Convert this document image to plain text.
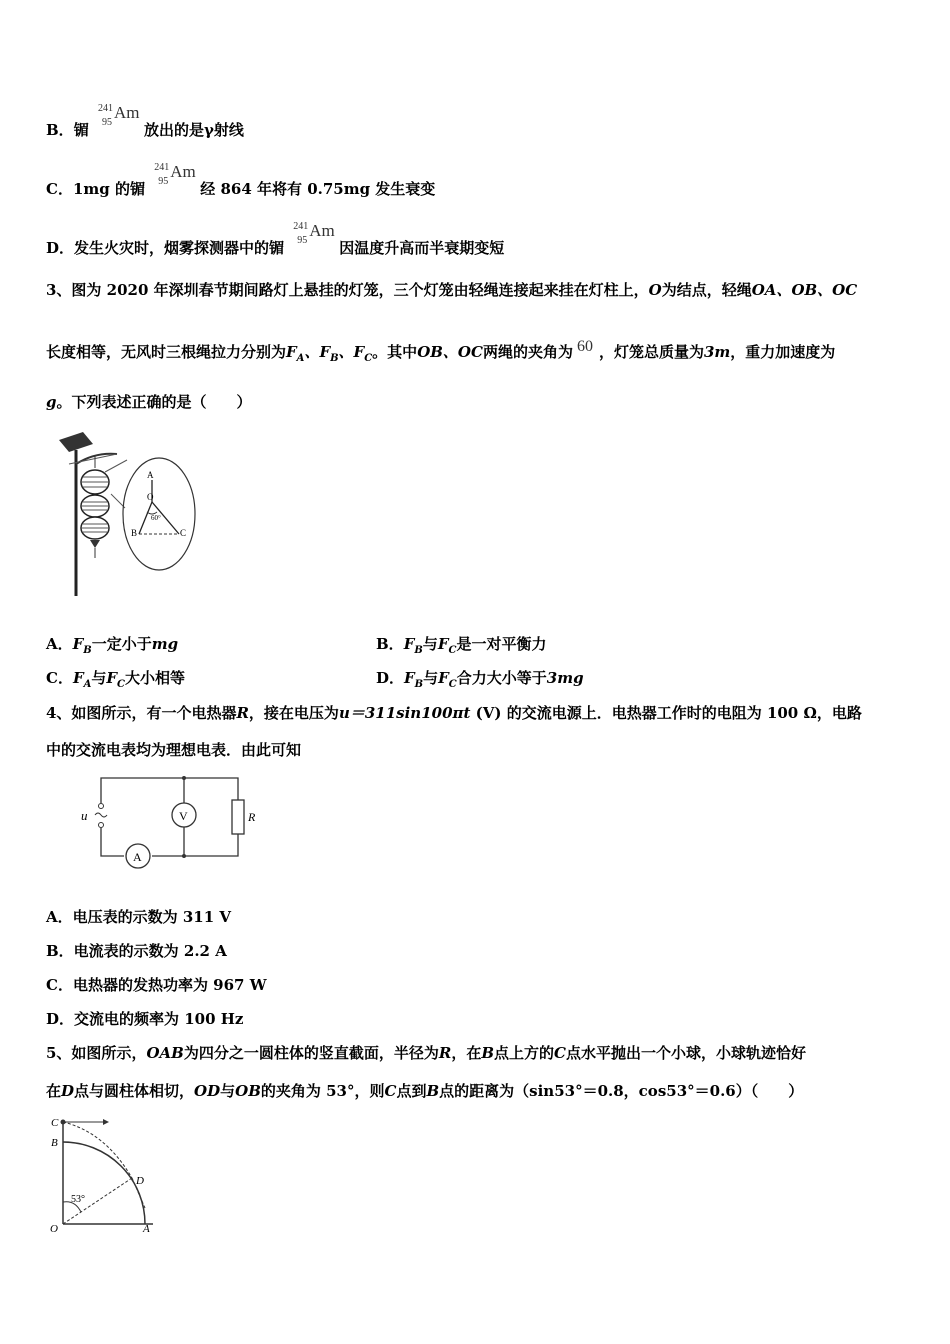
B．镅
241
95
Am
放出的是γ射线
C．1mg 的镅
241
95
Am
经 864 年将有 0.75mg 发生衰变
D．发生火灾时，烟雾探测器中的镅
241
95
Am
因温度升高而半衰期变短
3、图为 2020 年深圳春节期间路灯上悬挂的灯笼，三个灯笼由轻绳连接起来挂在灯柱上，O为结点，轻绳OA、OB、OC
长度相等，无风时三根绳拉力分别为$F_A$、$F_B$、$F_C$。其中OB、OC两绳的夹角为 60 ，灯笼总质量为3m，重力加速度为
g。下列表述正确的是（　　）
A
O
B	C
60°
A．$F_B$一定小于mg	B．$F_B$与$F_C$是一对平衡力
C．$F_A$与$F_C$大小相等	D．$F_B$与$F_C$合力大小等于3mg
4、如图所示，有一个电热器R，接在电压为u＝311sin100πt (V) 的交流电源上．电热器工作时的电阻为 100 Ω，电路
中的交流电表均为理想电表．由此可知
u	V
A
R
A．电压表的示数为 311 V
B．电流表的示数为 2.2 A
C．电热器的发热功率为 967 W
D．交流电的频率为 100 Hz
5、如图所示，OAB为四分之一圆柱体的竖直截面，半径为R，在B点上方的C点水平抛出一个小球，小球轨迹恰好
在D点与圆柱体相切，OD与OB的夹角为 53°，则C点到B点的距离为（sin53°＝0.8，cos53°＝0.6）（　　）
C
B
D
O	A
53°
